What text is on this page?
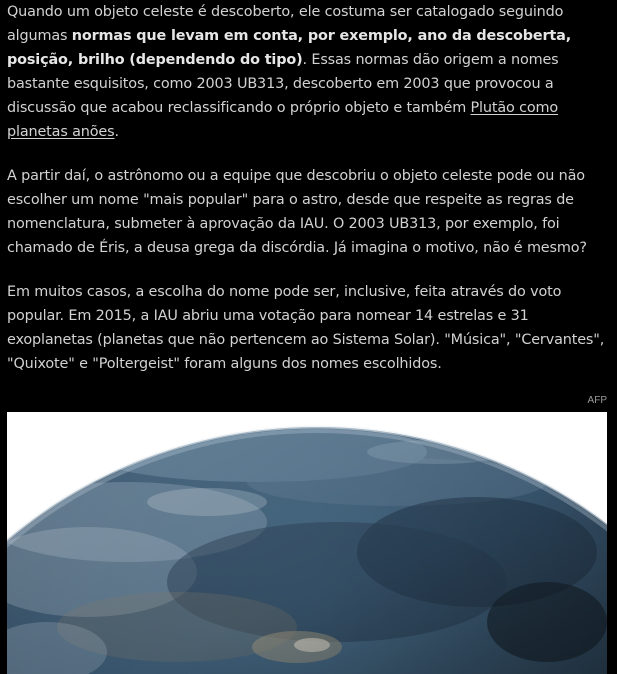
Quando um objeto celeste é descoberto, ele costuma ser catalogado seguindo algumas normas que levam em conta, por exemplo, ano da descoberta, posição, brilho (dependendo do tipo). Essas normas dão origem a nomes bastante esquisitos, como 2003 UB313, descoberto em 2003 que provocou a discussão que acabou reclassificando o próprio objeto e também Plutão como planetas anões.

A partir daí, o astrônomo ou a equipe que descobriu o objeto celeste pode ou não escolher um nome "mais popular" para o astro, desde que respeite as regras de nomenclatura, submeter à aprovação da IAU. O 2003 UB313, por exemplo, foi chamado de Éris, a deusa grega da discórdia. Já imagina o motivo, não é mesmo?

Em muitos casos, a escolha do nome pode ser, inclusive, feita através do voto popular. Em 2015, a IAU abriu uma votação para nomear 14 estrelas e 31 exoplanetas (planetas que não pertencem ao Sistema Solar). "Música", "Cervantes", "Quixote" e "Poltergeist" foram alguns dos nomes escolhidos.

AFP
